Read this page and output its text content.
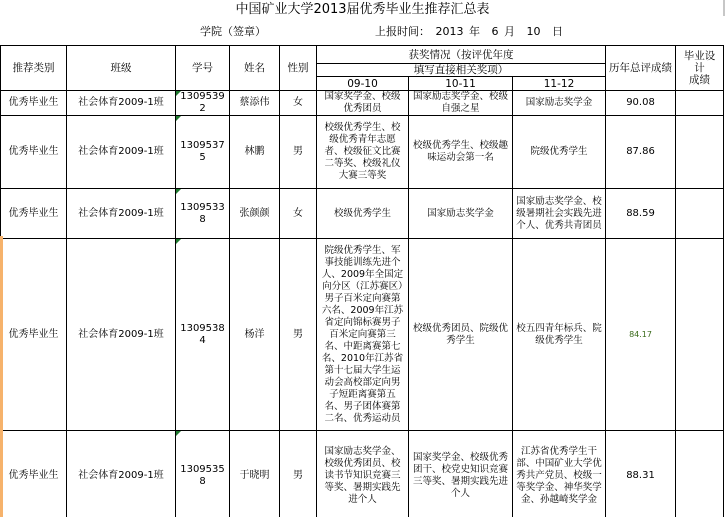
中国矿业大学2013届优秀毕业生推荐汇总表
学院（签章）	上报时间： 2013 年 6 月 10 日
推荐类别	班级	学号	姓名	性别	获奖情况（按评优年度			历年总评成绩	毕业设计
成绩
					填写直接相关奖项）				
					09-10	10-11	11-12		
优秀毕业生	社会体育2009-1班	13095392	蔡添伟	女	国家奖学金、校级优秀团员	国家励志奖学金、校级自强之星	国家励志奖学金	90.08	
优秀毕业生	社会体育2009-1班	13095375	林鹏	男	校级优秀学生、校级优秀青年志愿者、校级征文比赛二等奖、校级礼仪大赛三等奖	校级优秀学生、校级趣味运动会第一名	院级优秀学生	87.86	
优秀毕业生	社会体育2009-1班	13095338	张颜颜	女	校级优秀学生	国家励志奖学金	国家励志奖学金、校级暑期社会实践先进个人、优秀共青团员	88.59	
优秀毕业生	社会体育2009-1班	13095384	杨洋	男	院级优秀学生、军事技能训练先进个人、2009年全国定向分区（江苏赛区）男子百米定向赛第六名、2009年江苏省定向锦标赛男子百米定向赛第三名、中距离赛第七名、2010年江苏省第十七届大学生运动会高校部定向男子短距离赛第五名、男子团体赛第二名、优秀运动员	校级优秀团员、院级优秀学生	校五四青年标兵、院级优秀学生	84.17	
优秀毕业生	社会体育2009-1班	13095358	于晓明	男	国家励志奖学金、校级优秀团员、校读书节知识竞赛三等奖、暑期实践先进个人	国家奖学金、校级优秀团干、校党史知识竞赛三等奖、暑期实践先进个人	江苏省优秀学生干部、中国矿业大学优秀共产党员、校级一等奖学金、神华奖学金、孙越崎奖学金	88.31	
